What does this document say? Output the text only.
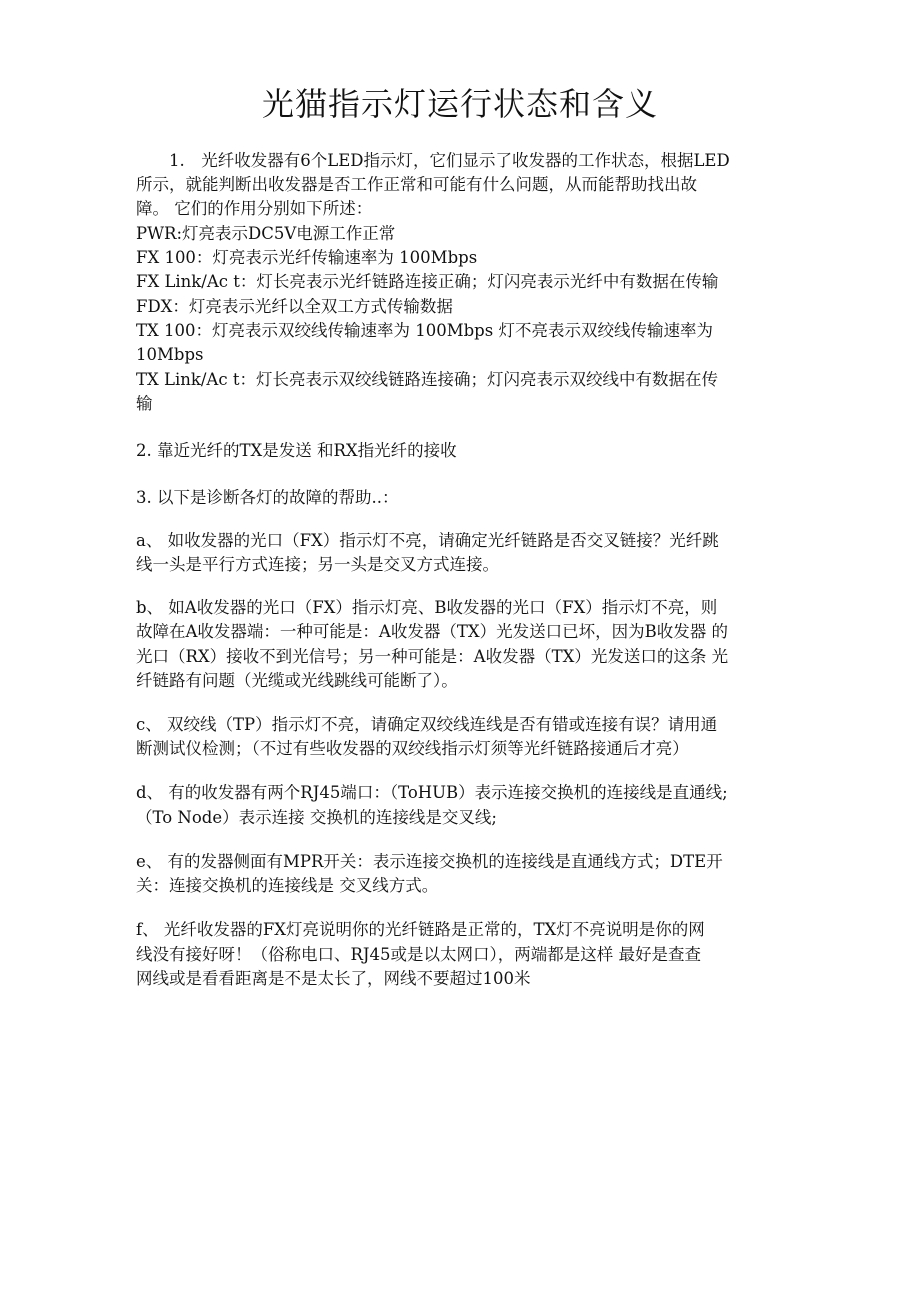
光猫指示灯运行状态和含义
　　1.　光纤收发器有6个LED指示灯，它们显示了收发器的工作状态，根据LED
所示，就能判断出收发器是否工作正常和可能有什么问题，从而能帮助找出故
障。 它们的作用分别如下所述：
PWR:灯亮表示DC5V电源工作正常
FX 100：灯亮表示光纤传输速率为 100Mbps
FX Link/Ac t：灯长亮表示光纤链路连接正确；灯闪亮表示光纤中有数据在传输
FDX：灯亮表示光纤以全双工方式传输数据
TX 100：灯亮表示双绞线传输速率为 100Mbps 灯不亮表示双绞线传输速率为
10Mbps
TX Link/Ac t：灯长亮表示双绞线链路连接确；灯闪亮表示双绞线中有数据在传
输
2. 靠近光纤的TX是发送 和RX指光纤的接收
3. 以下是诊断各灯的故障的帮助..：
a、 如收发器的光口（FX）指示灯不亮，请确定光纤链路是否交叉链接？光纤跳
线一头是平行方式连接；另一头是交叉方式连接。
b、 如A收发器的光口（FX）指示灯亮、B收发器的光口（FX）指示灯不亮，则
故障在A收发器端：一种可能是：A收发器（TX）光发送口已坏，因为B收发器 的
光口（RX）接收不到光信号；另一种可能是：A收发器（TX）光发送口的这条 光
纤链路有问题（光缆或光线跳线可能断了）。
c、 双绞线（TP）指示灯不亮，请确定双绞线连线是否有错或连接有误？请用通
断测试仪检测；（不过有些收发器的双绞线指示灯须等光纤链路接通后才亮）
d、 有的收发器有两个RJ45端口：（ToHUB）表示连接交换机的连接线是直通线;
（To Node）表示连接 交换机的连接线是交叉线;
e、 有的发器侧面有MPR开关：表示连接交换机的连接线是直通线方式；DTE开
关：连接交换机的连接线是 交叉线方式。
f、 光纤收发器的FX灯亮说明你的光纤链路是正常的，TX灯不亮说明是你的网
线没有接好呀！（俗称电口、RJ45或是以太网口），两端都是这样 最好是查查
网线或是看看距离是不是太长了，网线不要超过100米
